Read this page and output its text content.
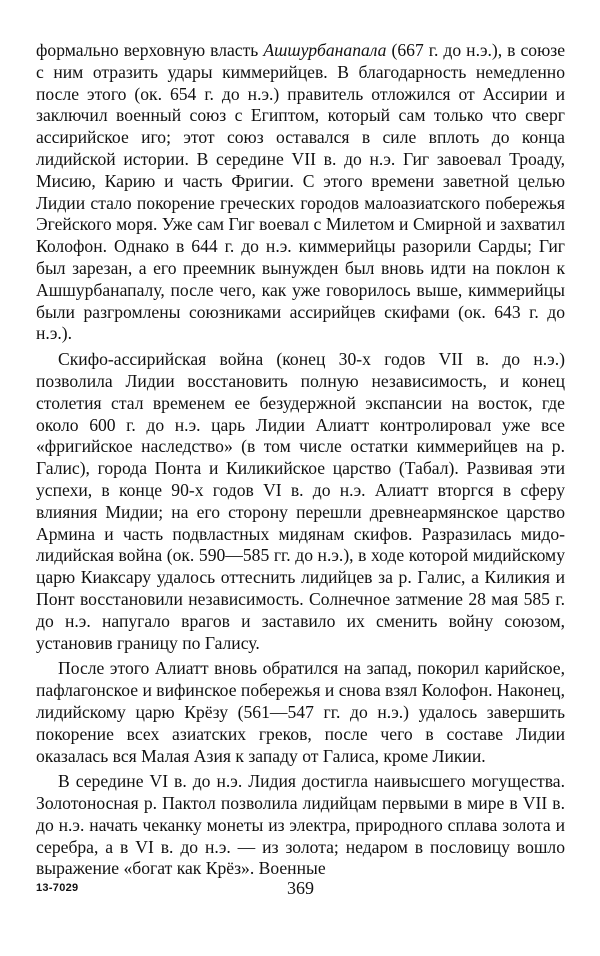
формально верховную власть Ашшурбанапала (667 г. до н.э.), в союзе с ним отразить удары киммерийцев. В благодарность немедленно после этого (ок. 654 г. до н.э.) правитель отложился от Ассирии и заключил военный союз с Египтом, который сам только что сверг ассирийское иго; этот союз оставался в силе вплоть до конца лидийской истории. В середине VII в. до н.э. Гиг завоевал Троаду, Мисию, Карию и часть Фригии. С этого времени заветной целью Лидии стало покорение греческих городов малоазиатского побережья Эгейского моря. Уже сам Гиг воевал с Милетом и Смирной и захватил Колофон. Однако в 644 г. до н.э. киммерийцы разорили Сарды; Гиг был зарезан, а его преемник вынужден был вновь идти на поклон к Ашшурбанапалу, после чего, как уже говорилось выше, киммерийцы были разгромлены союзниками ассирийцев скифами (ок. 643 г. до н.э.).

Скифо-ассирийская война (конец 30-х годов VII в. до н.э.) позволила Лидии восстановить полную независимость, и конец столетия стал временем ее безудержной экспансии на восток, где около 600 г. до н.э. царь Лидии Алиатт контролировал уже все «фригийское наследство» (в том числе остатки киммерийцев на р. Галис), города Понта и Киликийское царство (Табал). Развивая эти успехи, в конце 90-х годов VI в. до н.э. Алиатт вторгся в сферу влияния Мидии; на его сторону перешли древнеармянское царство Армина и часть подвластных мидянам скифов. Разразилась мидо-лидийская война (ок. 590—585 гг. до н.э.), в ходе которой мидийскому царю Киаксару удалось оттеснить лидийцев за р. Галис, а Киликия и Понт восстановили независимость. Солнечное затмение 28 мая 585 г. до н.э. напугало врагов и заставило их сменить войну союзом, установив границу по Галису.

После этого Алиатт вновь обратился на запад, покорил карийское, пафлагонское и вифинское побережья и снова взял Колофон. Наконец, лидийскому царю Крёзу (561—547 гг. до н.э.) удалось завершить покорение всех азиатских греков, после чего в составе Лидии оказалась вся Малая Азия к западу от Галиса, кроме Ликии.

В середине VI в. до н.э. Лидия достигла наивысшего могущества. Золотоносная р. Пактол позволила лидийцам первыми в мире в VII в. до н.э. начать чеканку монеты из электра, природного сплава золота и серебра, а в VI в. до н.э. — из золота; недаром в пословицу вошло выражение «богат как Крёз». Военные

13-7029	369
